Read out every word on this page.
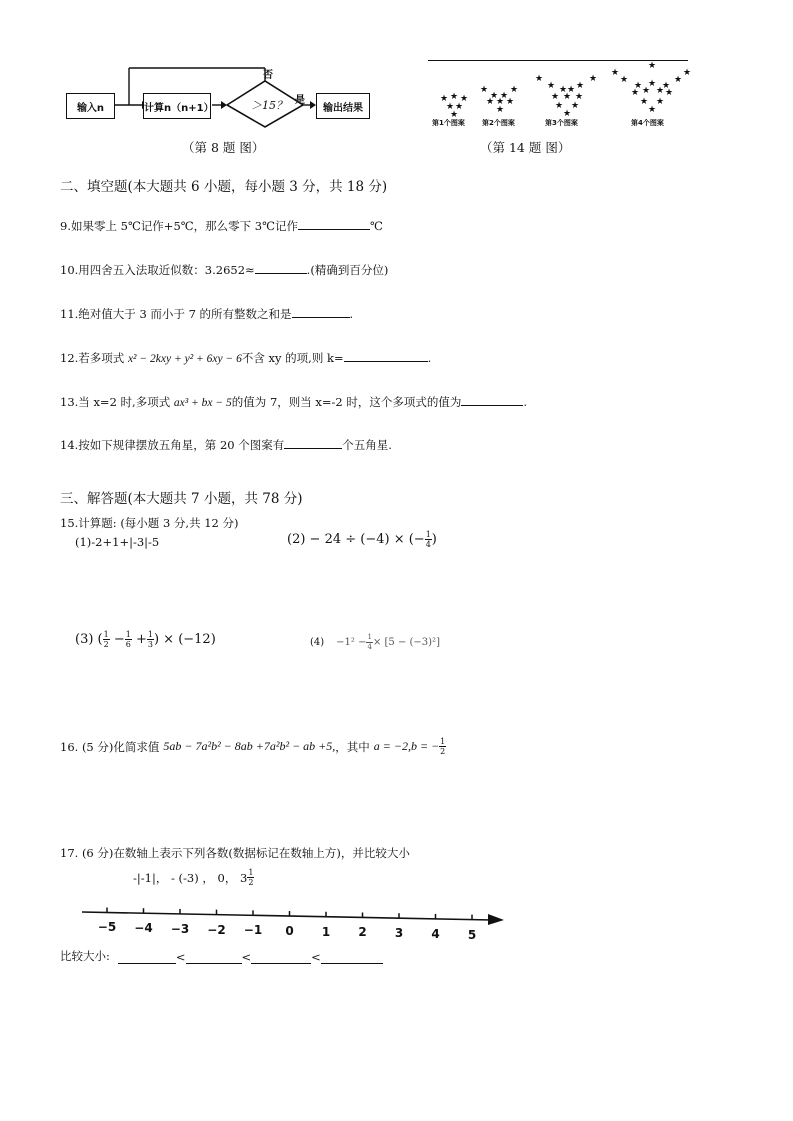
输入n	计算n（n+1）	＞15？ 是
否
输出结果
（第 8 题 图）
★ ★ ★
★ ★
★
★ ★
★ ★
★ ★ ★
★
★	★
★ ★
★ ★
★ ★ ★
★ ★
★
★	★
★	★
★
★ ★
★ ★
★
★
★
★ ★
★
第1个图案 第2个图案	第3个图案	第4个图案
（第 14 题 图）
二、填空题(本大题共 6 小题，每小题 3 分，共 18 分)
9.如果零上 5℃记作+5℃，那么零下 3℃记作	℃
10.用四舍五入法取近似数：3.2652≈	.(精确到百分位)
11.绝对值大于 3 而小于 7 的所有整数之和是	.
12.若多项式 x² − 2kxy + y² + 6xy − 6不含 xy 的项,则 k=	.
13.当 x=2 时,多项式 ax³ + bx − 5的值为 7，则当 x=-2 时，这个多项式的值为	.
14.按如下规律摆放五角星，第 20 个图案有	个五角星.
三、解答题(本大题共 7 小题，共 78 分)
15.计算题: (每小题 3 分,共 12 分)
(1)-2+1+|-3|-5	(2) − 24 ÷ (−4) × (− $\frac{1}{4}$ )
(3) ( $\frac{1}{2} - \frac{1}{6} + \frac{1}{3}$ ) × (−12)	$(4) -1^2 - \frac{1}{4} \times [5 - (-3)^2]$
16. (5 分)化简求值 5ab − 7a²b² − 8ab +7a²b² − ab +5, ，其中 a = −2,b = − $\frac{1}{2}$
17. (6 分)在数轴上表示下列各数(数据标记在数轴上方)，并比较大小
-|-1|， - (-3) ， 0， $3 \frac{1}{2}$
−5 −4 −3 −2 −1 0 1 2 3 4 5
比较大小:	<	<	<
